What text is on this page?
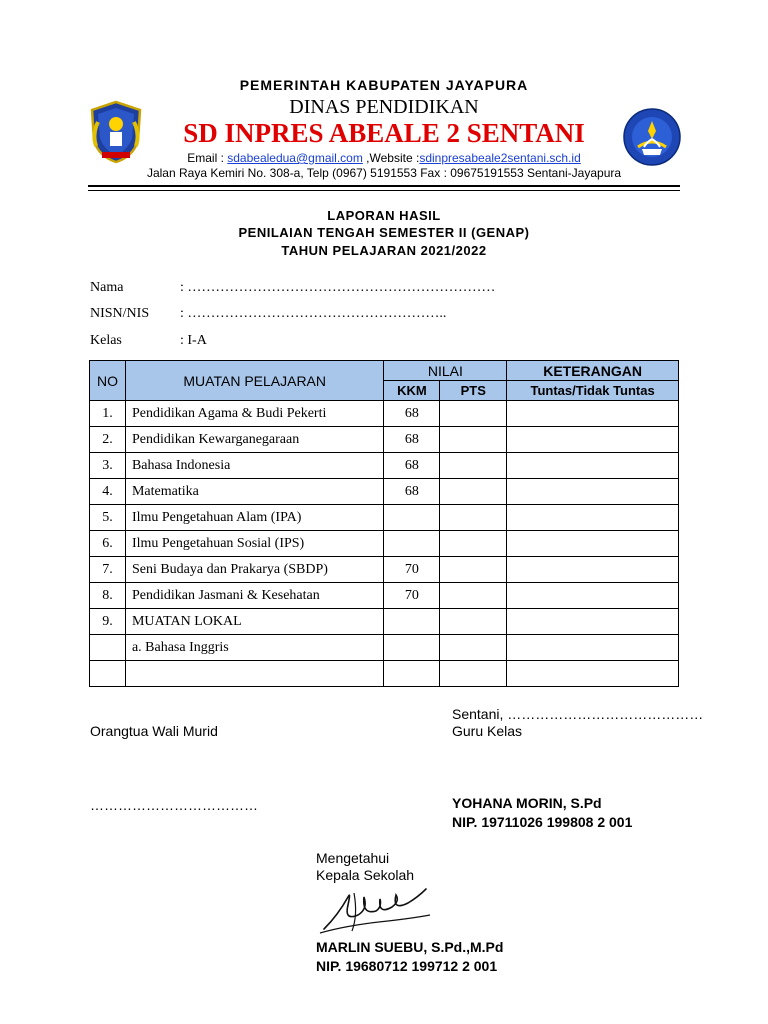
PEMERINTAH KABUPATEN JAYAPURA
DINAS PENDIDIKAN
SD INPRES ABEALE 2 SENTANI
Email : sdabealedua@gmail.com ,Website :sdinpresabeale2sentani.sch.id
Jalan Raya Kemiri No. 308-a, Telp (0967) 5191553 Fax : 09675191553 Sentani-Jayapura
LAPORAN HASIL
PENILAIAN TENGAH SEMESTER II (GENAP)
TAHUN PELAJARAN 2021/2022
Nama	: …………………………………………………………
NISN/NIS : ………………………………………………..
Kelas	: I-A
NO	MUATAN PELAJARAN	NILAI		KETERANGAN
		KKM	PTS	Tuntas/Tidak Tuntas
1.	Pendidikan Agama & Budi Pekerti	68		
2.	Pendidikan Kewarganegaraan	68		
3.	Bahasa Indonesia	68		
4.	Matematika	68		
5.	Ilmu Pengetahuan Alam (IPA)			
6.	Ilmu Pengetahuan Sosial (IPS)			
7.	Seni Budaya dan Prakarya (SBDP)	70		
8.	Pendidikan Jasmani & Kesehatan	70		
9.	MUATAN LOKAL			
	a. Bahasa Inggris			

Sentani, ……………………………………
Orangtua Wali Murid	Guru Kelas
………………………………	YOHANA MORIN, S.Pd
NIP. 19711026 199808 2 001
Mengetahui
Kepala Sekolah
MARLIN SUEBU, S.Pd.,M.Pd
NIP. 19680712 199712 2 001
